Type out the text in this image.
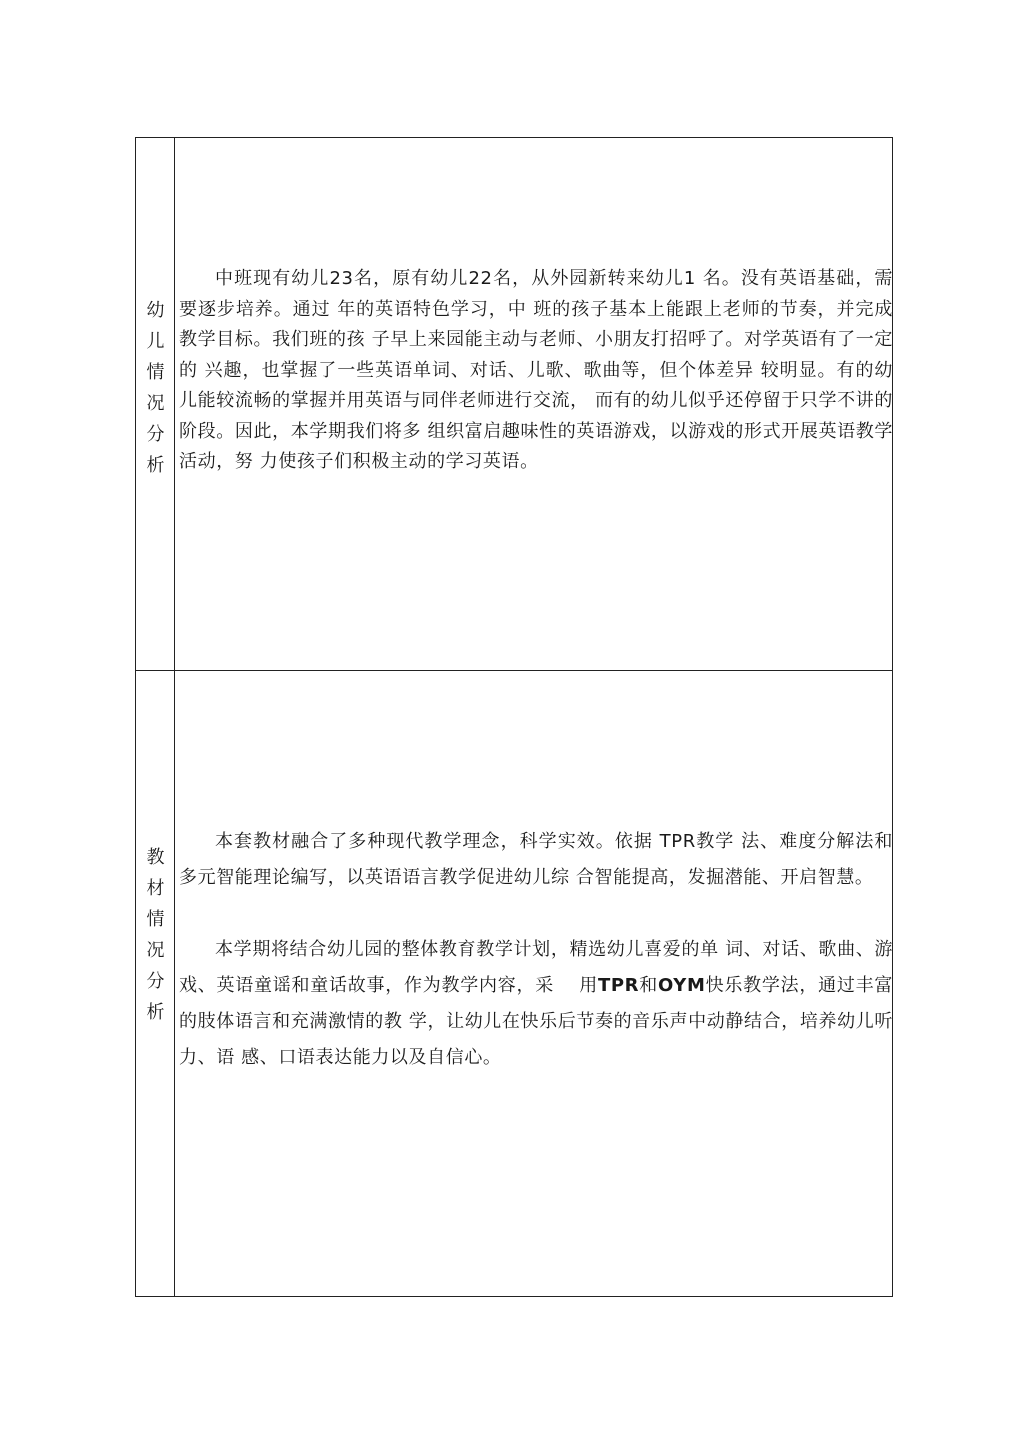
幼
儿
情
况
分
析

中班现有幼儿23名，原有幼儿22名，从外园新转来幼儿1 名。没有英语基础，需要逐步培养。通过 年的英语特色学习，中 班的孩子基本上能跟上老师的节奏，并完成教学目标。我们班的孩 子早上来园能主动与老师、小朋友打招呼了。对学英语有了一定的 兴趣，也掌握了一些英语单词、对话、儿歌、歌曲等，但个体差异 较明显。有的幼儿能较流畅的掌握并用英语与同伴老师进行交流， 而有的幼儿似乎还停留于只学不讲的阶段。因此，本学期我们将多 组织富启趣味性的英语游戏，以游戏的形式开展英语教学活动，努 力使孩子们积极主动的学习英语。

教
材
情
况
分
析

本套教材融合了多种现代教学理念，科学实效。依据 TPR教学 法、难度分解法和多元智能理论编写，以英语语言教学促进幼儿综 合智能提高，发掘潜能、开启智慧。

本学期将结合幼儿园的整体教育教学计划，精选幼儿喜爱的单 词、对话、歌曲、游戏、英语童谣和童话故事，作为教学内容，采　 用TPR和OYM快乐教学法，通过丰富的肢体语言和充满激情的教 学，让幼儿在快乐后节奏的音乐声中动静结合，培养幼儿听力、语 感、口语表达能力以及自信心。
